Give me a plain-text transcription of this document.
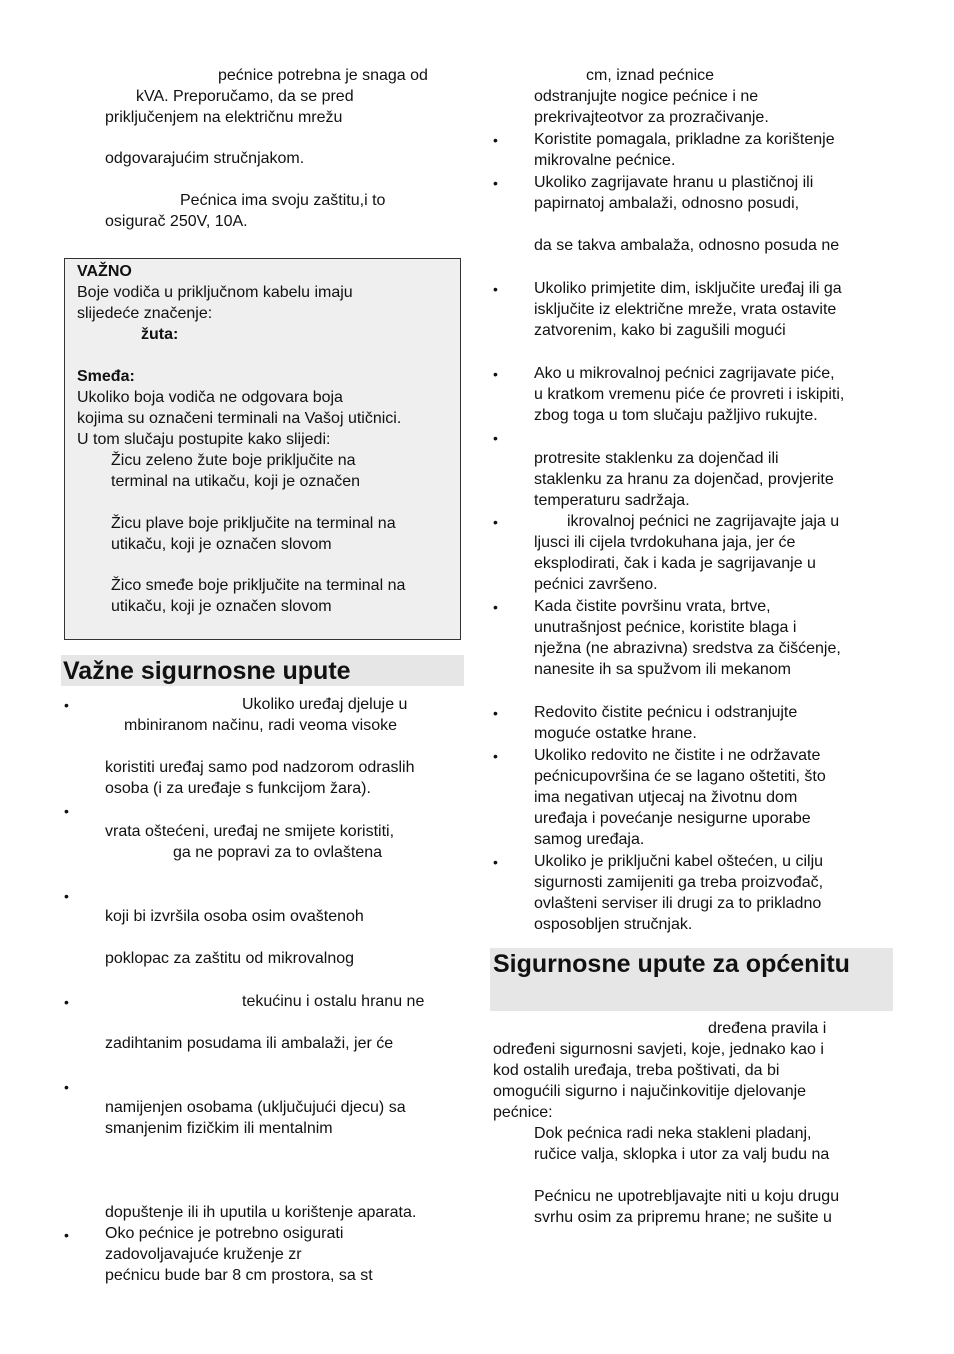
pećnice potrebna je snaga od
kVA. Preporučamo, da se pred
priključenjem na električnu mrežu
odgovarajućim stručnjakom.
Pećnica ima svoju zaštitu,i to
osigurač 250V, 10A.
VAŽNO
Boje vodiča u priključnom kabelu imaju
slijedeće značenje:
žuta:
Smeđa:
Ukoliko boja vodiča ne odgovara boja
kojima su označeni terminali na Vašoj utičnici.
U tom slučaju postupite kako slijedi:
Žicu zeleno žute boje priključite na
terminal na utikaču, koji je označen
Žicu plave boje priključite na terminal na
utikaču, koji je označen slovom
Žico smeđe boje priključite na terminal na
utikaču, koji je označen slovom
Važne sigurnosne upute
•
•
•
•
•
•
Ukoliko uređaj djeluje u
mbiniranom načinu, radi veoma visoke
koristiti uređaj samo pod nadzorom odraslih
osoba (i za uređaje s funkcijom žara).
vrata oštećeni, uređaj ne smijete koristiti,
ga ne popravi za to ovlaštena
koji bi izvršila osoba osim ovaštenoh
poklopac za zaštitu od mikrovalnog
tekućinu i ostalu hranu ne
zadihtanim posudama ili ambalaži, jer će
namijenjen osobama (uključujući djecu) sa
smanjenim fizičkim ili mentalnim
dopuštenje ili ih uputila u korištenje aparata.
Oko pećnice je potrebno osigurati
zadovoljavajuće kruženje zr
pećnicu bude bar 8 cm prostora, sa st
•
•
•
•
•
•
•
•
•
•
cm, iznad pećnice
odstranjujte nogice pećnice i ne
prekrivajteotvor za prozračivanje.
Koristite pomagala, prikladne za korištenje
mikrovalne pećnice.
Ukoliko zagrijavate hranu u plastičnoj ili
papirnatoj ambalaži, odnosno posudi,
da se takva ambalaža, odnosno posuda ne
Ukoliko primjetite dim, isključite uređaj ili ga
isključite iz električne mreže, vrata ostavite
zatvorenim, kako bi zagušili mogući
Ako u mikrovalnoj pećnici zagrijavate piće,
u kratkom vremenu piće će provreti i iskipiti,
zbog toga u tom slučaju pažljivo rukujte.
protresite staklenku za dojenčad ili
staklenku za hranu za dojenčad, provjerite
temperaturu sadržaja.
ikrovalnoj pećnici ne zagrijavajte jaja u
ljusci ili cijela tvrdokuhana jaja, jer će
eksplodirati, čak i kada je sagrijavanje u
pećnici završeno.
Kada čistite površinu vrata, brtve,
unutrašnjost pećnice, koristite blaga i
nježna (ne abrazivna) sredstva za čišćenje,
nanesite ih sa spužvom ili mekanom
Redovito čistite pećnicu i odstranjujte
moguće ostatke hrane.
Ukoliko redovito ne čistite i ne održavate
pećnicupovršina će se lagano oštetiti, što
ima negativan utjecaj na životnu dom
uređaja i povećanje nesigurne uporabe
samog uređaja.
Ukoliko je priključni kabel oštećen, u cilju
sigurnosti zamijeniti ga treba proizvođač,
ovlašteni serviser ili drugi za to prikladno
osposobljen stručnjak.
Sigurnosne upute za općenitu
dređena pravila i
određeni sigurnosni savjeti, koje, jednako kao i
kod ostalih uređaja, treba poštivati, da bi
omogućili sigurno i najučinkovitije djelovanje
pećnice:
Dok pećnica radi neka stakleni pladanj,
ručice valja, sklopka i utor za valj budu na
Pećnicu ne upotrebljavajte niti u koju drugu
svrhu osim za pripremu hrane; ne sušite u
